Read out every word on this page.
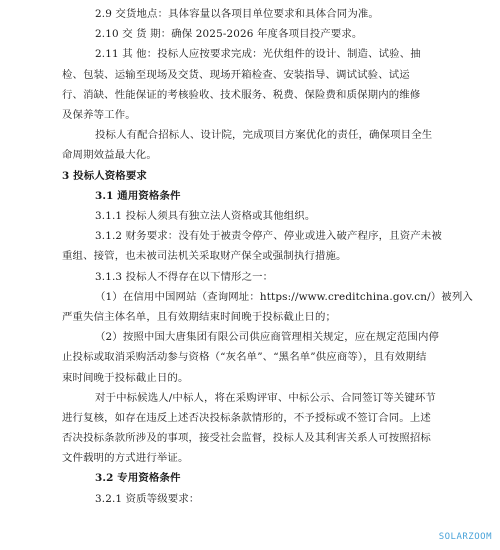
2.9 交货地点：具体容量以各项目单位要求和具体合同为准。
2.10 交 货 期：确保 2025-2026 年度各项目投产要求。
2.11 其 他：投标人应按要求完成：光伏组件的设计、制造、试验、抽
检、包装、运输至现场及交货、现场开箱检查、安装指导、调试试验、试运
行、消缺、性能保证的考核验收、技术服务、税费、保险费和质保期内的维修
及保养等工作。
投标人有配合招标人、设计院，完成项目方案优化的责任，确保项目全生
命周期效益最大化。
3 投标人资格要求
3.1 通用资格条件
3.1.1 投标人须具有独立法人资格或其他组织。
3.1.2 财务要求：没有处于被责令停产、停业或进入破产程序，且资产未被
重组、接管，也未被司法机关采取财产保全或强制执行措施。
3.1.3 投标人不得存在以下情形之一：
（1）在信用中国网站（查询网址：https://www.creditchina.gov.cn/）被列入
严重失信主体名单，且有效期结束时间晚于投标截止日的；
（2）按照中国大唐集团有限公司供应商管理相关规定，应在规定范围内停
止投标或取消采购活动参与资格（“灰名单”、“黑名单”供应商等），且有效期结
束时间晚于投标截止日的。
对于中标候选人/中标人，将在采购评审、中标公示、合同签订等关键环节
进行复核，如存在违反上述否决投标条款情形的，不予授标或不签订合同。上述
否决投标条款所涉及的事项，接受社会监督，投标人及其利害关系人可按照招标
文件载明的方式进行举证。
3.2 专用资格条件
3.2.1 资质等级要求：
SOLARZOOM
